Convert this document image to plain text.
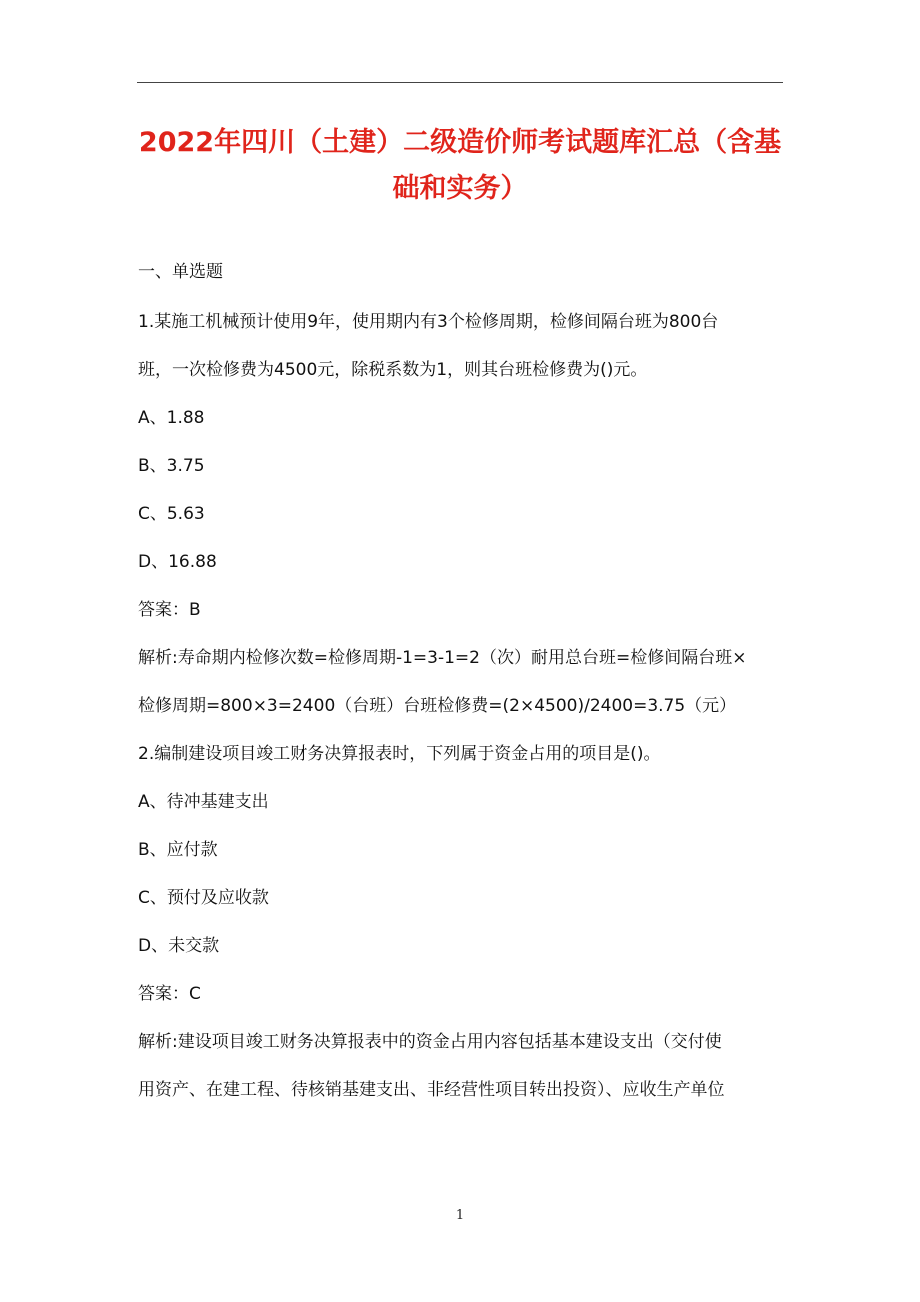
2022年四川（土建）二级造价师考试题库汇总（含基
础和实务）

一、单选题

1.某施工机械预计使用9年，使用期内有3个检修周期，检修间隔台班为800台

班，一次检修费为4500元，除税系数为1，则其台班检修费为()元。

A、1.88

B、3.75

C、5.63

D、16.88

答案：B

解析:寿命期内检修次数=检修周期-1=3-1=2（次）耐用总台班=检修间隔台班×

检修周期=800×3=2400（台班）台班检修费=(2×4500)/2400=3.75（元）

2.编制建设项目竣工财务决算报表时，下列属于资金占用的项目是()。

A、待冲基建支出

B、应付款

C、预付及应收款

D、未交款

答案：C

解析:建设项目竣工财务决算报表中的资金占用内容包括基本建设支出（交付使

用资产、在建工程、待核销基建支出、非经营性项目转出投资）、应收生产单位

1
